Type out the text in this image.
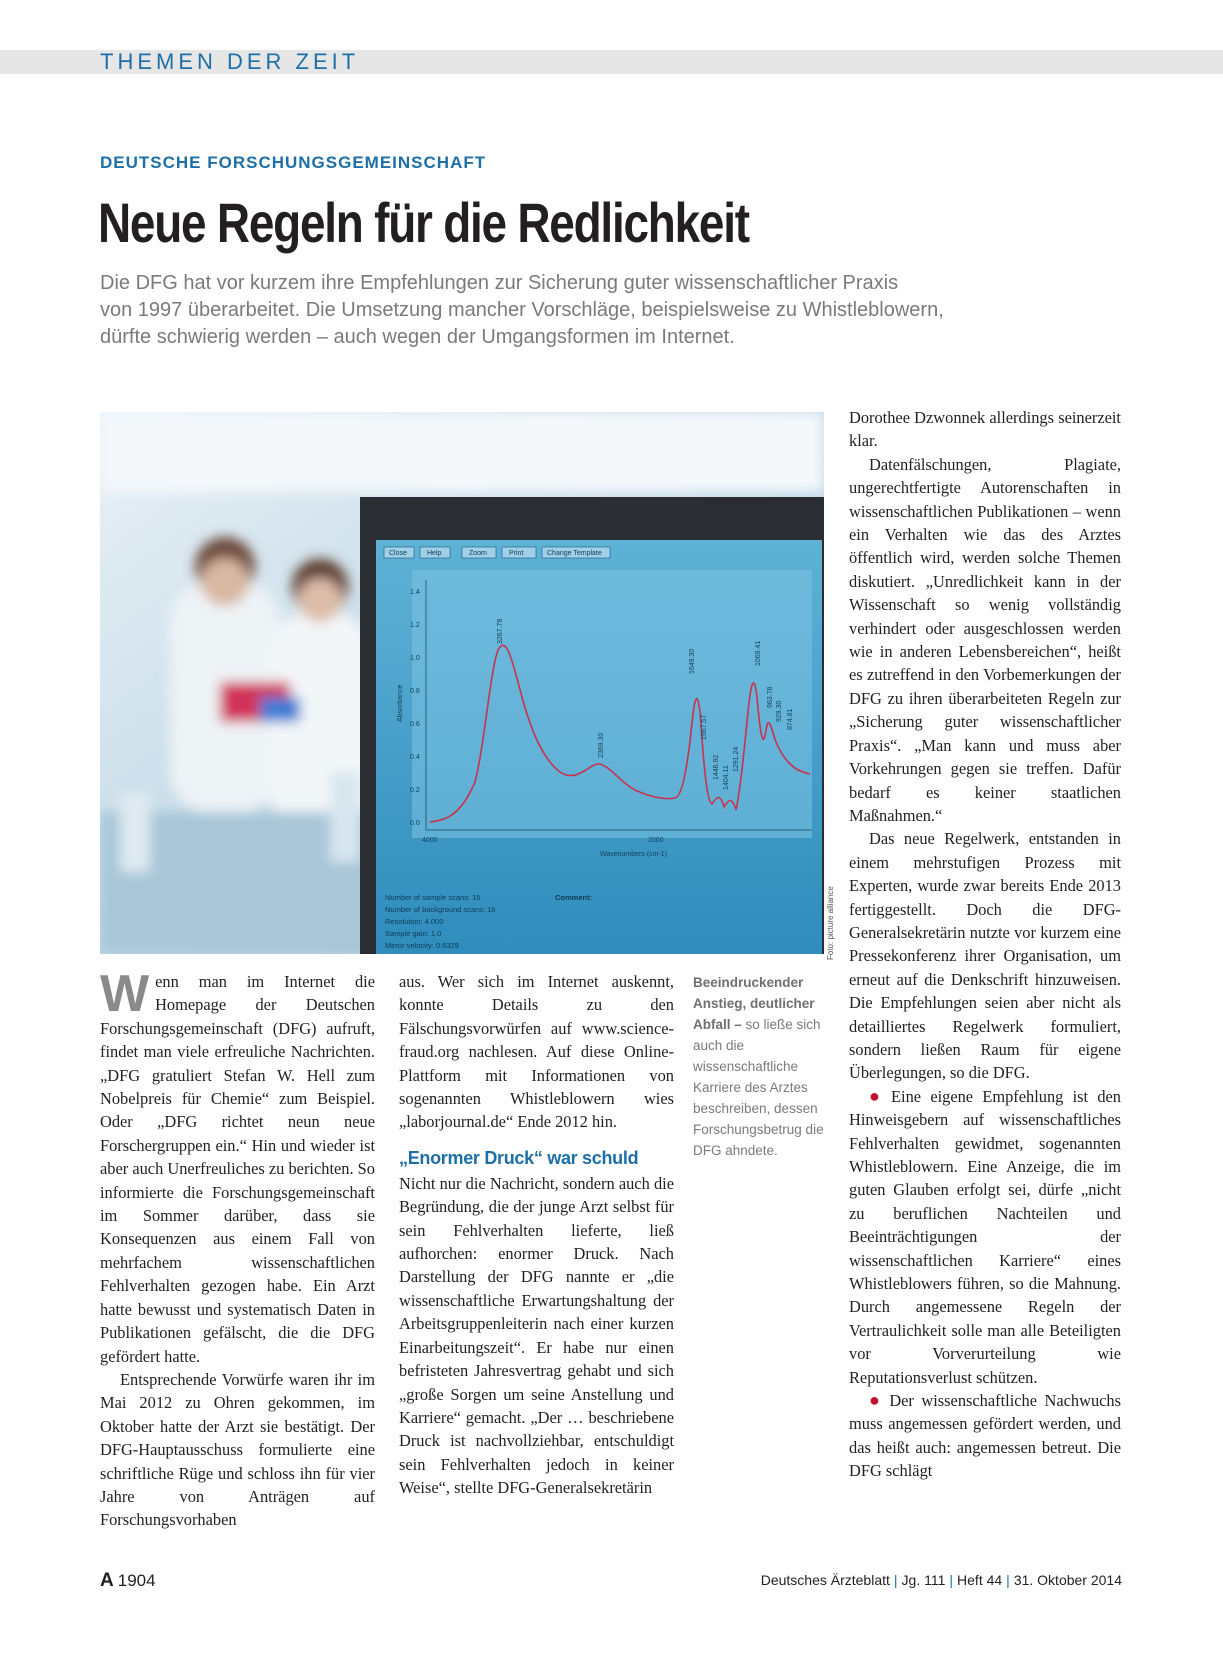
THEMEN DER ZEIT
DEUTSCHE FORSCHUNGSGEMEINSCHAFT
Neue Regeln für die Redlichkeit

Die DFG hat vor kurzem ihre Empfehlungen zur Sicherung guter wissenschaftlicher Praxis
von 1997 überarbeitet. Die Umsetzung mancher Vorschläge, beispielsweise zu Whistleblowern,
dürfte schwierig werden – auch wegen der Umgangsformen im Internet.

Close	Help	Zoom	Print	Change Template
1.4
1.2
1.0
0.8
0.6
0.4
0.2
0.0
4000	2000
Wavenumbers (cm-1)
Absorbance
3267.78
2369.30
1649.30
1567.57
1446.92 1404.11
1291.24
1069.41
963.78
929.30 874.81
Number of sample scans: 16
Number of background scans: 16
Resolution: 4.000
Sample gain: 1.0
Mirror velocity: 0.6329
Comment:	Foto: picture alliance

Wenn man im Internet die Homepage der Deutschen Forschungsgemeinschaft (DFG) aufruft, findet man viele erfreuliche Nachrichten. „DFG gratuliert Stefan W. Hell zum Nobelpreis für Chemie“ zum Beispiel. Oder „DFG richtet neun neue Forschergruppen ein.“ Hin und wieder ist aber auch Unerfreuliches zu berichten. So informierte die Forschungsgemeinschaft im Sommer darüber, dass sie Konsequenzen aus einem Fall von mehrfachem wissenschaftlichen Fehlverhalten gezogen habe. Ein Arzt hatte bewusst und systematisch Daten in Publikationen gefälscht, die die DFG gefördert hatte.

Entsprechende Vorwürfe waren ihr im Mai 2012 zu Ohren gekommen, im Oktober hatte der Arzt sie bestätigt. Der DFG-Hauptausschuss formulierte eine schriftliche Rüge und schloss ihn für vier Jahre von Anträgen auf Forschungsvorhaben

aus. Wer sich im Internet auskennt, konnte Details zu den Fälschungsvorwürfen auf www.science-fraud.org nachlesen. Auf diese Online-Plattform mit Informationen von sogenannten Whistleblowern wies „laborjournal.de“ Ende 2012 hin.

„Enormer Druck“ war schuld

Nicht nur die Nachricht, sondern auch die Begründung, die der junge Arzt selbst für sein Fehlverhalten lieferte, ließ aufhorchen: enormer Druck. Nach Darstellung der DFG nannte er „die wissenschaftliche Erwartungshaltung der Arbeitsgruppenleiterin nach einer kurzen Einarbeitungszeit“. Er habe nur einen befristeten Jahresvertrag gehabt und sich „große Sorgen um seine Anstellung und Karriere“ gemacht. „Der … beschriebene Druck ist nachvollziehbar, entschuldigt sein Fehlverhalten jedoch in keiner Weise“, stellte DFG-Generalsekretärin

Beeindruckender Anstieg, deutlicher Abfall – so ließe sich auch die wissenschaftliche Karriere des Arztes beschreiben, dessen Forschungsbetrug die DFG ahndete.

Dorothee Dzwonnek allerdings seinerzeit klar.

Datenfälschungen, Plagiate, ungerechtfertigte Autorenschaften in wissenschaftlichen Publikationen – wenn ein Verhalten wie das des Arztes öffentlich wird, werden solche Themen diskutiert. „Unredlichkeit kann in der Wissenschaft so wenig vollständig verhindert oder ausgeschlossen werden wie in anderen Lebensbereichen“, heißt es zutreffend in den Vorbemerkungen der DFG zu ihren überarbeiteten Regeln zur „Sicherung guter wissenschaftlicher Praxis“. „Man kann und muss aber Vorkehrungen gegen sie treffen. Dafür bedarf es keiner staatlichen Maßnahmen.“

Das neue Regelwerk, entstanden in einem mehrstufigen Prozess mit Experten, wurde zwar bereits Ende 2013 fertiggestellt. Doch die DFG-Generalsekretärin nutzte vor kurzem eine Pressekonferenz ihrer Organisation, um erneut auf die Denkschrift hinzuweisen. Die Empfehlungen seien aber nicht als detailliertes Regelwerk formuliert, sondern ließen Raum für eigene Überlegungen, so die DFG.

● Eine eigene Empfehlung ist den Hinweisgebern auf wissenschaftliches Fehlverhalten gewidmet, sogenannten Whistleblowern. Eine Anzeige, die im guten Glauben erfolgt sei, dürfe „nicht zu beruflichen Nachteilen und Beeinträchtigungen der wissenschaftlichen Karriere“ eines Whistleblowers führen, so die Mahnung. Durch angemessene Regeln der Vertraulichkeit solle man alle Beteiligten vor Vorverurteilung wie Reputationsverlust schützen.

● Der wissenschaftliche Nachwuchs muss angemessen gefördert werden, und das heißt auch: angemessen betreut. Die DFG schlägt

A 1904	Deutsches Ärzteblatt | Jg. 111 | Heft 44 | 31. Oktober 2014
